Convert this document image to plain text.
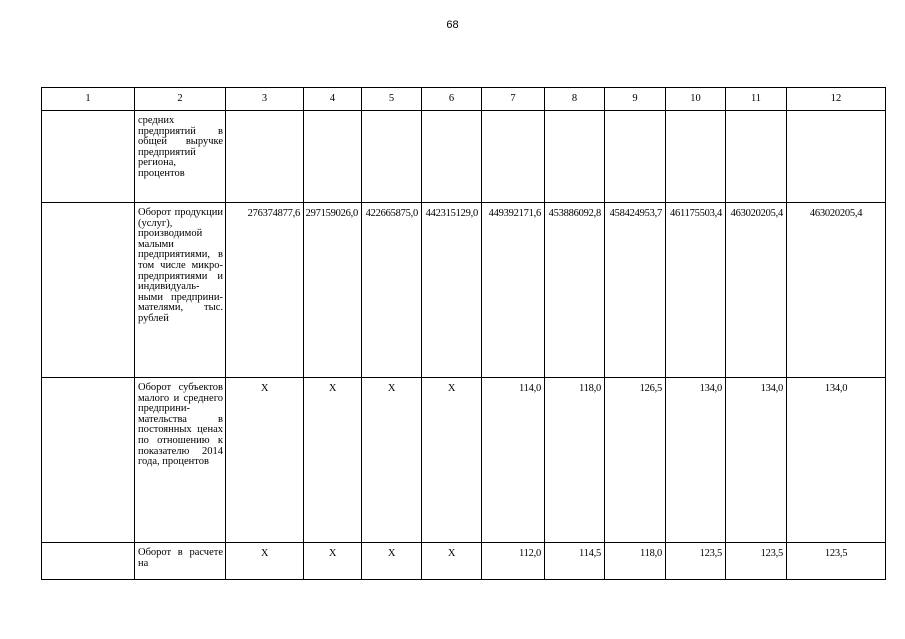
68
1	2	3	4	5	6	7	8	9	10	11	12
	средних предприятий в общей выручке предприятий региона, процентов										
	Оборот продукции (услуг), производимой малыми предприятиями, в том числе микро-предприятиями и индивидуаль-ными предприни-мателями, тыс. рублей	276374877,6	297159026,0	422665875,0	442315129,0	449392171,6	453886092,8	458424953,7	461175503,4	463020205,4	463020205,4
	Оборот субъектов малого и среднего предприни-мательства в постоянных ценах по отношению к показателю 2014 года, процентов	X	X	X	X	114,0	118,0	126,5	134,0	134,0	134,0
	Оборот в расчете на	X	X	X	X	112,0	114,5	118,0	123,5	123,5	123,5
